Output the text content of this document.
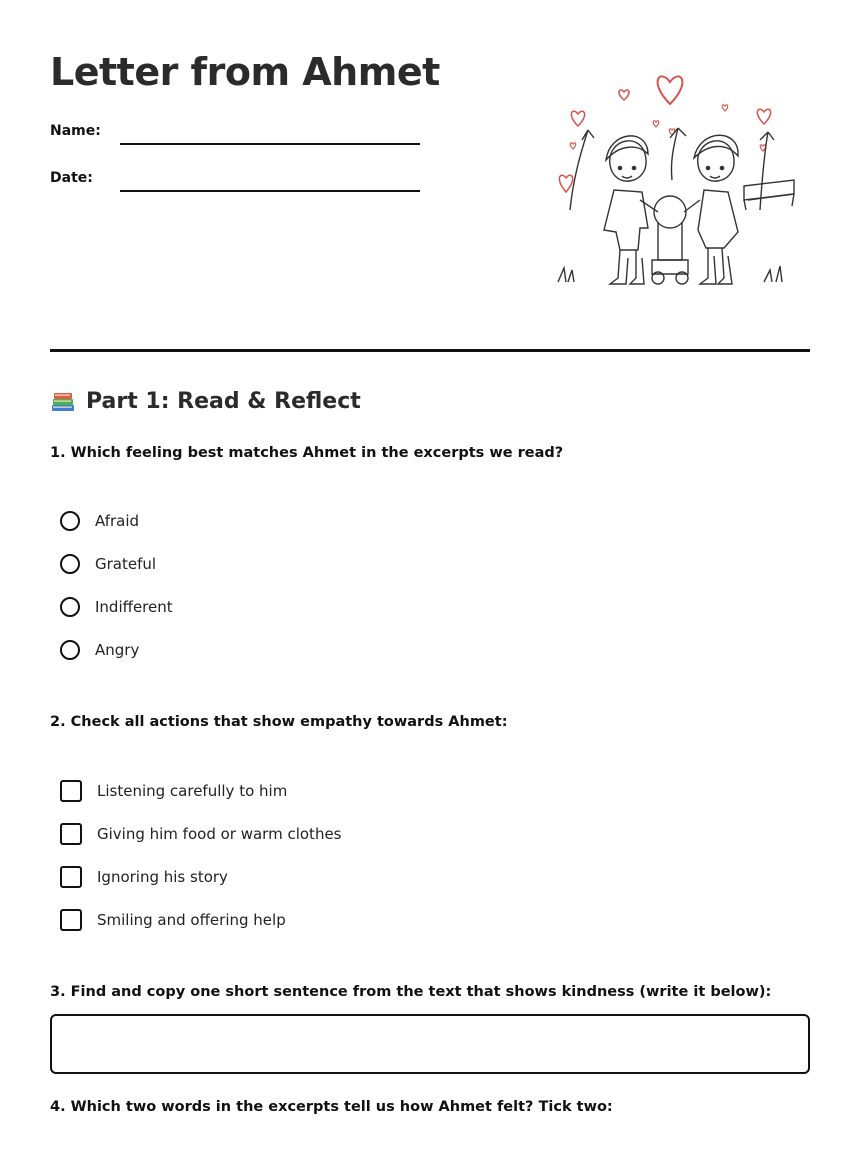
Letter from Ahmet
Name:
Date:
Part 1: Read & Reflect

1. Which feeling best matches Ahmet in the excerpts we read?

Afraid
Grateful
Indifferent
Angry

2. Check all actions that show empathy towards Ahmet:

Listening carefully to him
Giving him food or warm clothes
Ignoring his story
Smiling and offering help

3. Find and copy one short sentence from the text that shows kindness (write it below):

4. Which two words in the excerpts tell us how Ahmet felt? Tick two:
